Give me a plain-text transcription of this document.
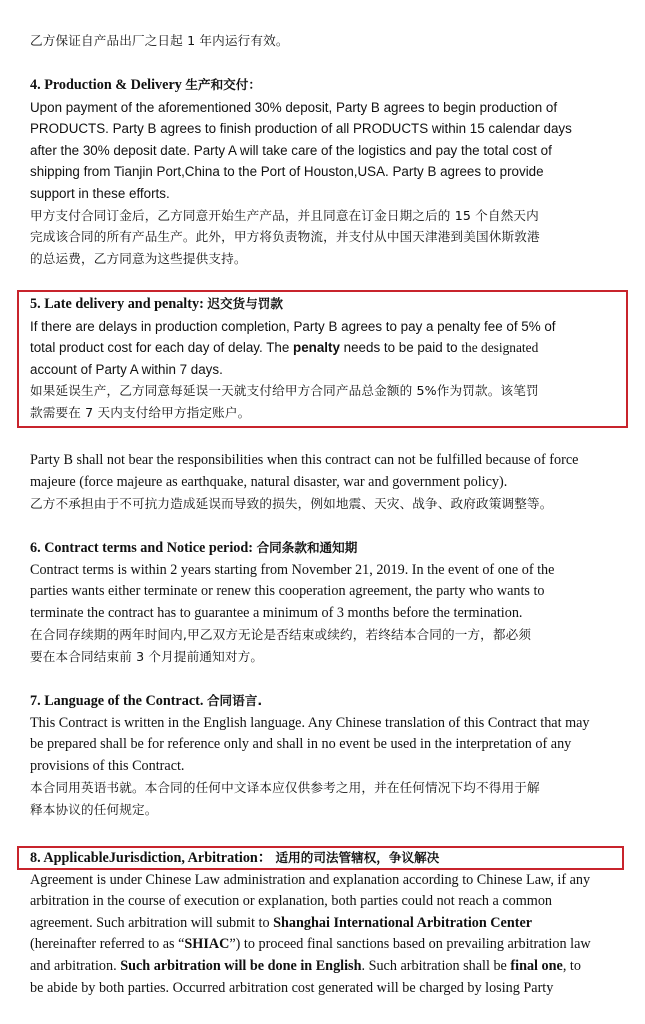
乙方保证自产品出厂之日起 1 年内运行有效。
4. Production & Delivery 生产和交付：
Upon payment of the aforementioned 30% deposit, Party B agrees to begin production of
PRODUCTS. Party B agrees to finish production of all PRODUCTS within 15 calendar days
after the 30% deposit date. Party A will take care of the logistics and pay the total cost of
shipping from Tianjin Port,China to the Port of Houston,USA. Party B agrees to provide
support in these efforts.
甲方支付合同订金后，乙方同意开始生产产品，并且同意在订金日期之后的 15 个自然天内
完成该合同的所有产品生产。此外，甲方将负责物流，并支付从中国天津港到美国休斯敦港
的总运费，乙方同意为这些提供支持。
5. Late delivery and penalty: 迟交货与罚款
If there are delays in production completion, Party B agrees to pay a penalty fee of 5% of
total product cost for each day of delay. The penalty needs to be paid to the designated
account of Party A within 7 days.
如果延误生产，乙方同意每延误一天就支付给甲方合同产品总金额的 5%作为罚款。该笔罚
款需要在 7 天内支付给甲方指定账户。
Party B shall not bear the responsibilities when this contract can not be fulfilled because of force
majeure (force majeure as earthquake, natural disaster, war and government policy).
乙方不承担由于不可抗力造成延误而导致的损失，例如地震、天灾、战争、政府政策调整等。
6. Contract terms and Notice period: 合同条款和通知期
Contract terms is within 2 years starting from November 21, 2019. In the event of one of the
parties wants either terminate or renew this cooperation agreement, the party who wants to
terminate the contract has to guarantee a minimum of 3 months before the termination.
在合同存续期的两年时间内,甲乙双方无论是否结束或续约，若终结本合同的一方，都必须
要在本合同结束前 3 个月提前通知对方。
7. Language of the Contract. 合同语言.
This Contract is written in the English language. Any Chinese translation of this Contract that may
be prepared shall be for reference only and shall in no event be used in the interpretation of any
provisions of this Contract.
本合同用英语书就。本合同的任何中文译本应仅供参考之用，并在任何情况下均不得用于解
释本协议的任何规定。
8. ApplicableJurisdiction, Arbitration： 适用的司法管辖权，争议解决
Agreement is under Chinese Law administration and explanation according to Chinese Law, if any
arbitration in the course of execution or explanation, both parties could not reach a common
agreement. Such arbitration will submit to Shanghai International Arbitration Center
(hereinafter referred to as “SHIAC”) to proceed final sanctions based on prevailing arbitration law
and arbitration. Such arbitration will be done in English. Such arbitration shall be final one, to
be abide by both parties. Occurred arbitration cost generated will be charged by losing Party
